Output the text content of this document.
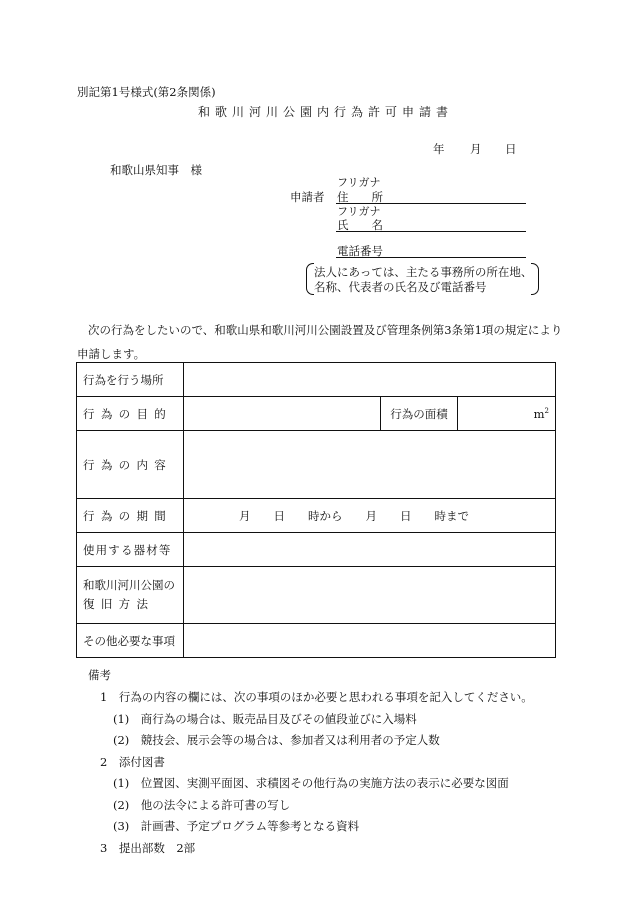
別記第1号様式(第2条関係)
和歌川河川公園内行為許可申請書
年 月 日
和歌山県知事　様
申請者
フリガナ
住　　所
フリガナ
氏　　名
電話番号
法人にあっては、主たる事務所の所在地、
名称、代表者の氏名及び電話番号
次の行為をしたいので、和歌山県和歌川河川公園設置及び管理条例第3条第1項の規定により申請します。
行為を行う場所			
行為の目的		行為の面積	$m^2$
行為の内容			
行為の期間	月　　日　　時から　　月　　日　　時まで		
使用する器材等			

和歌川河川公園の
復旧方法			

その他必要な事項			
備考
1　行為の内容の欄には、次の事項のほか必要と思われる事項を記入してください。
(1)　商行為の場合は、販売品目及びその値段並びに入場料
(2)　競技会、展示会等の場合は、参加者又は利用者の予定人数
2　添付図書
(1)　位置図、実測平面図、求積図その他行為の実施方法の表示に必要な図面
(2)　他の法令による許可書の写し
(3)　計画書、予定プログラム等参考となる資料
3　提出部数　2部
